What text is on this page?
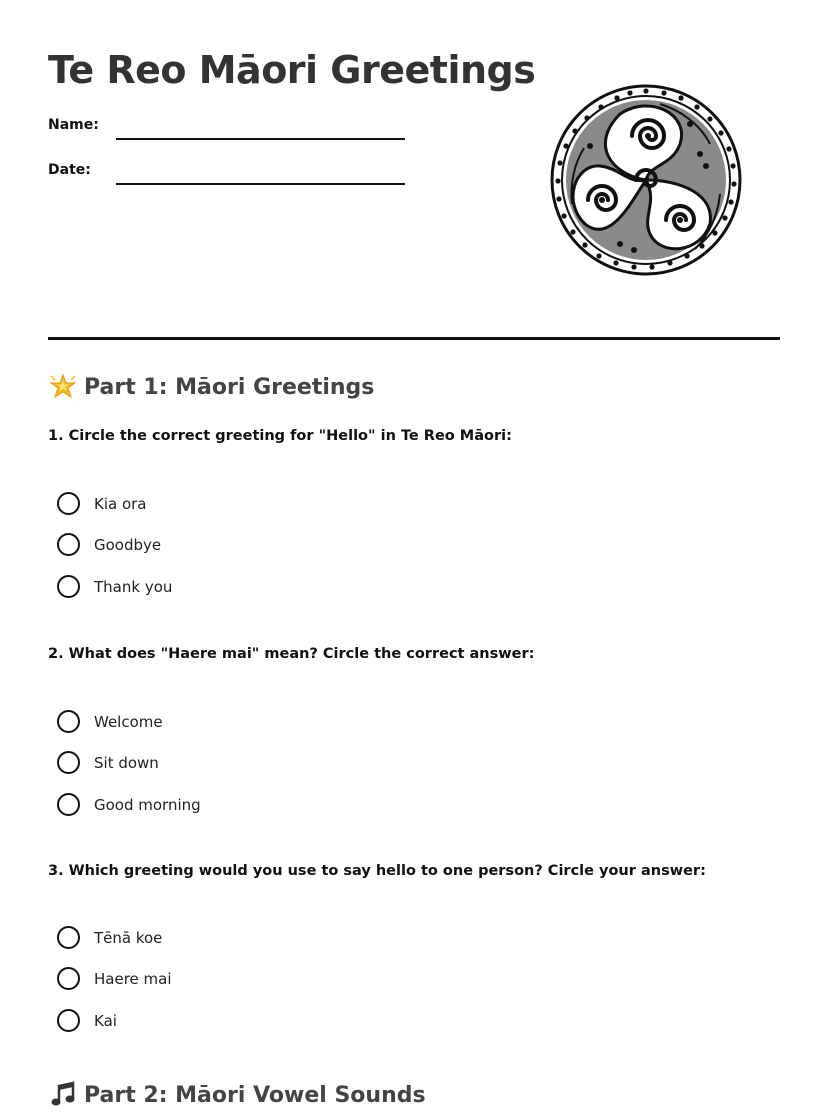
Te Reo Māori Greetings
Name:
Date:
Part 1: Māori Greetings
1. Circle the correct greeting for "Hello" in Te Reo Māori:
Kia ora
Goodbye
Thank you
2. What does "Haere mai" mean? Circle the correct answer:
Welcome
Sit down
Good morning
3. Which greeting would you use to say hello to one person? Circle your answer:
Tēnā koe
Haere mai
Kai
Part 2: Māori Vowel Sounds
